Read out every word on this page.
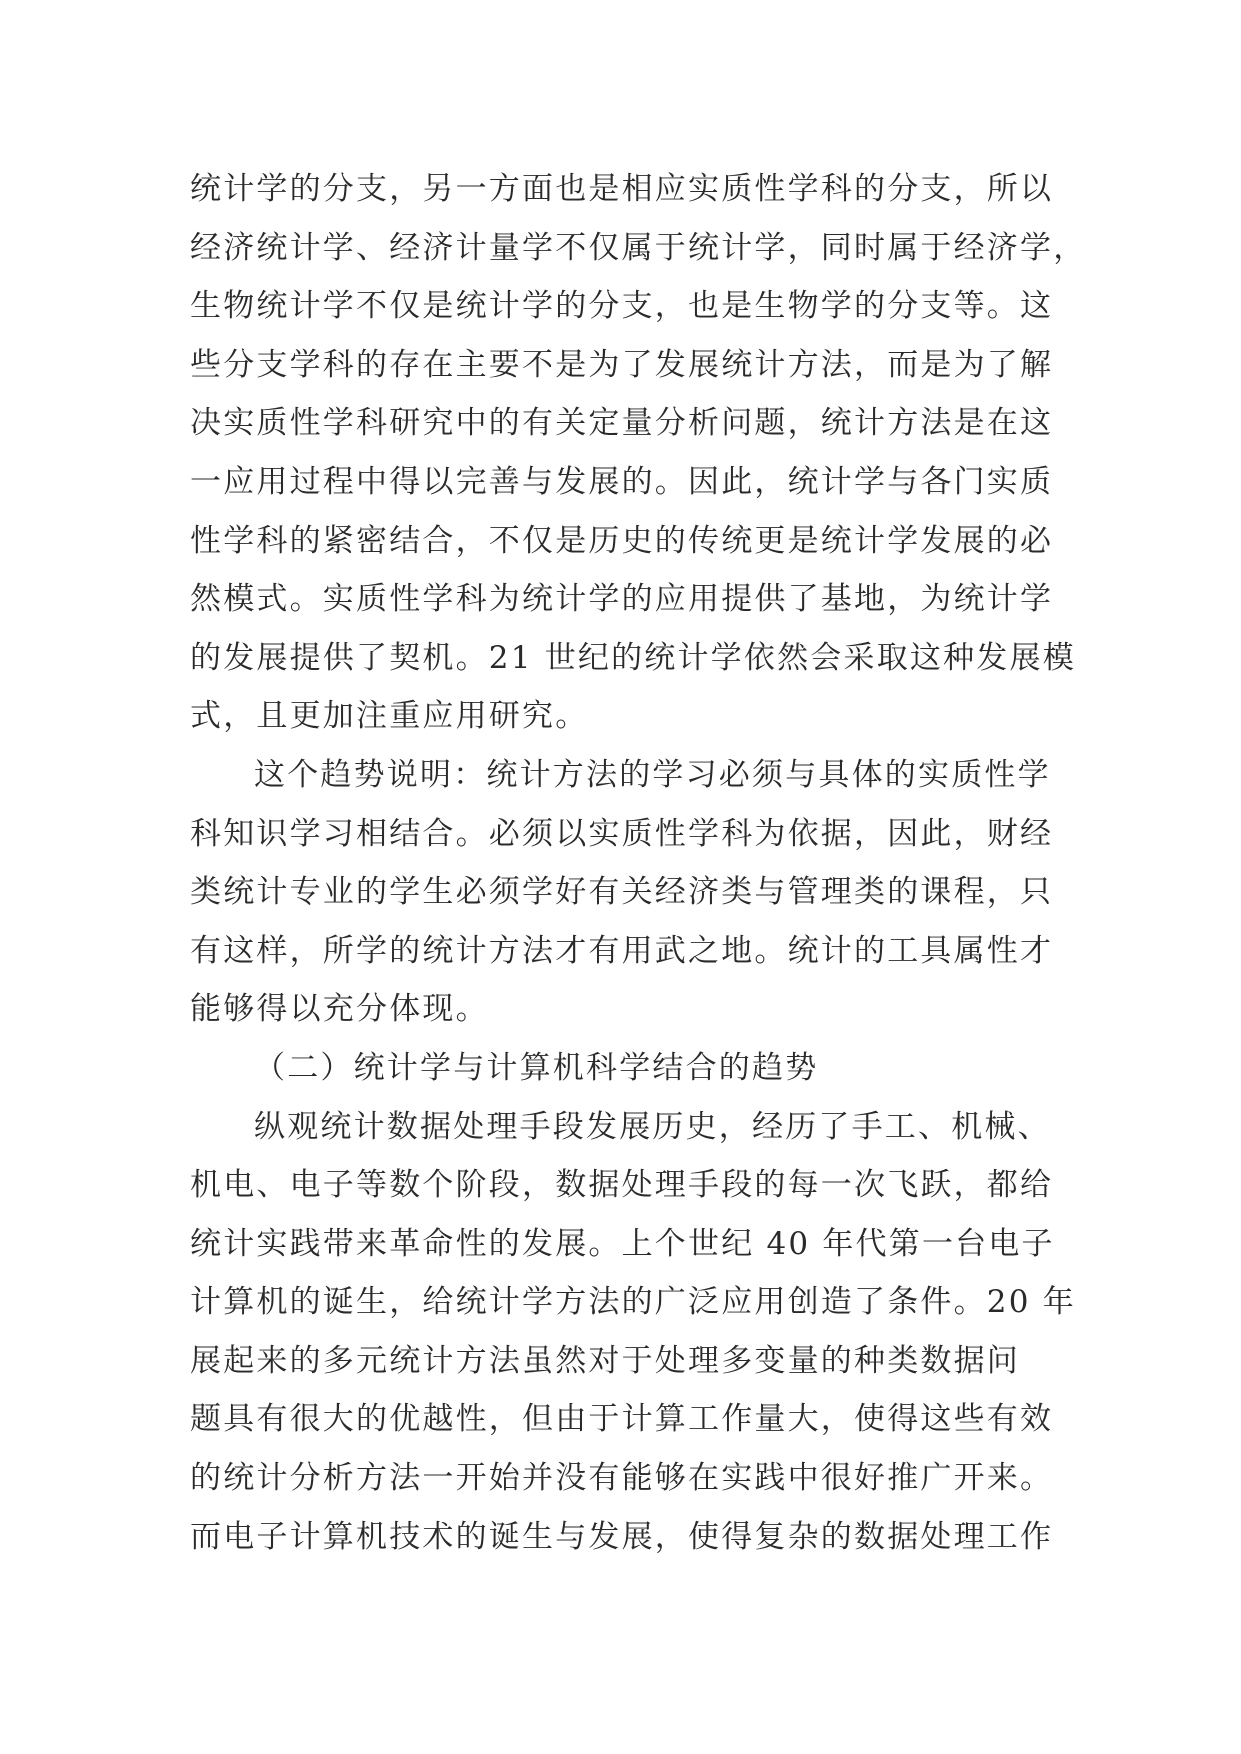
统计学的分支，另一方面也是相应实质性学科的分支，所以
经济统计学、经济计量学不仅属于统计学，同时属于经济学，
生物统计学不仅是统计学的分支，也是生物学的分支等。这
些分支学科的存在主要不是为了发展统计方法，而是为了解
决实质性学科研究中的有关定量分析问题，统计方法是在这
一应用过程中得以完善与发展的。因此，统计学与各门实质
性学科的紧密结合，不仅是历史的传统更是统计学发展的必
然模式。实质性学科为统计学的应用提供了基地，为统计学
的发展提供了契机。21 世纪的统计学依然会采取这种发展模
式，且更加注重应用研究。
这个趋势说明：统计方法的学习必须与具体的实质性学
科知识学习相结合。必须以实质性学科为依据，因此，财经
类统计专业的学生必须学好有关经济类与管理类的课程，只
有这样，所学的统计方法才有用武之地。统计的工具属性才
能够得以充分体现。
（二）统计学与计算机科学结合的趋势
纵观统计数据处理手段发展历史，经历了手工、机械、
机电、电子等数个阶段，数据处理手段的每一次飞跃，都给
统计实践带来革命性的发展。上个世纪 40 年代第一台电子
计算机的诞生，给统计学方法的广泛应用创造了条件。20 年
展起来的多元统计方法虽然对于处理多变量的种类数据问
题具有很大的优越性，但由于计算工作量大，使得这些有效
的统计分析方法一开始并没有能够在实践中很好推广开来。
而电子计算机技术的诞生与发展，使得复杂的数据处理工作
